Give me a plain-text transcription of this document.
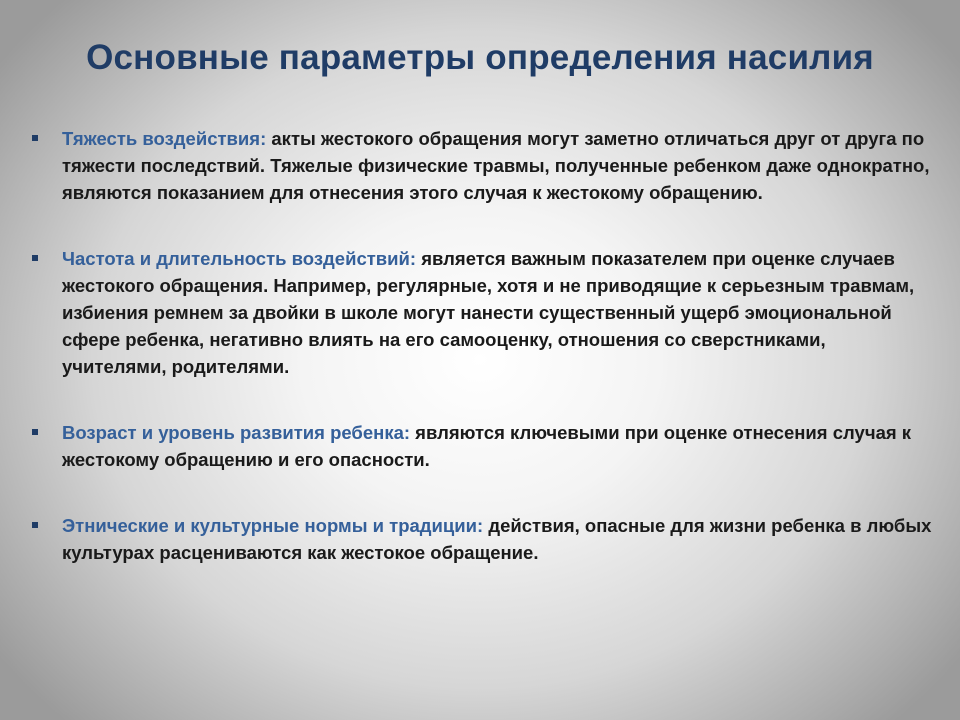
Основные параметры определения насилия
Тяжесть воздействия: акты жестокого обращения могут заметно отличаться друг от друга по тяжести последствий. Тяжелые физические травмы, полученные ребенком даже однократно, являются показанием для отнесения этого случая к жестокому обращению.
Частота и длительность воздействий: является важным показателем при оценке случаев жестокого обращения. Например, регулярные, хотя и не приводящие к серьезным травмам, избиения ремнем за двойки в школе могут нанести существенный ущерб эмоциональной сфере ребенка, негативно влиять на его самооценку, отношения со сверстниками, учителями, родителями.
Возраст и уровень развития ребенка: являются ключевыми при оценке отнесения случая к жестокому обращению и его опасности.
Этнические и культурные нормы и традиции: действия, опасные для жизни ребенка в любых культурах расцениваются как жестокое обращение.
